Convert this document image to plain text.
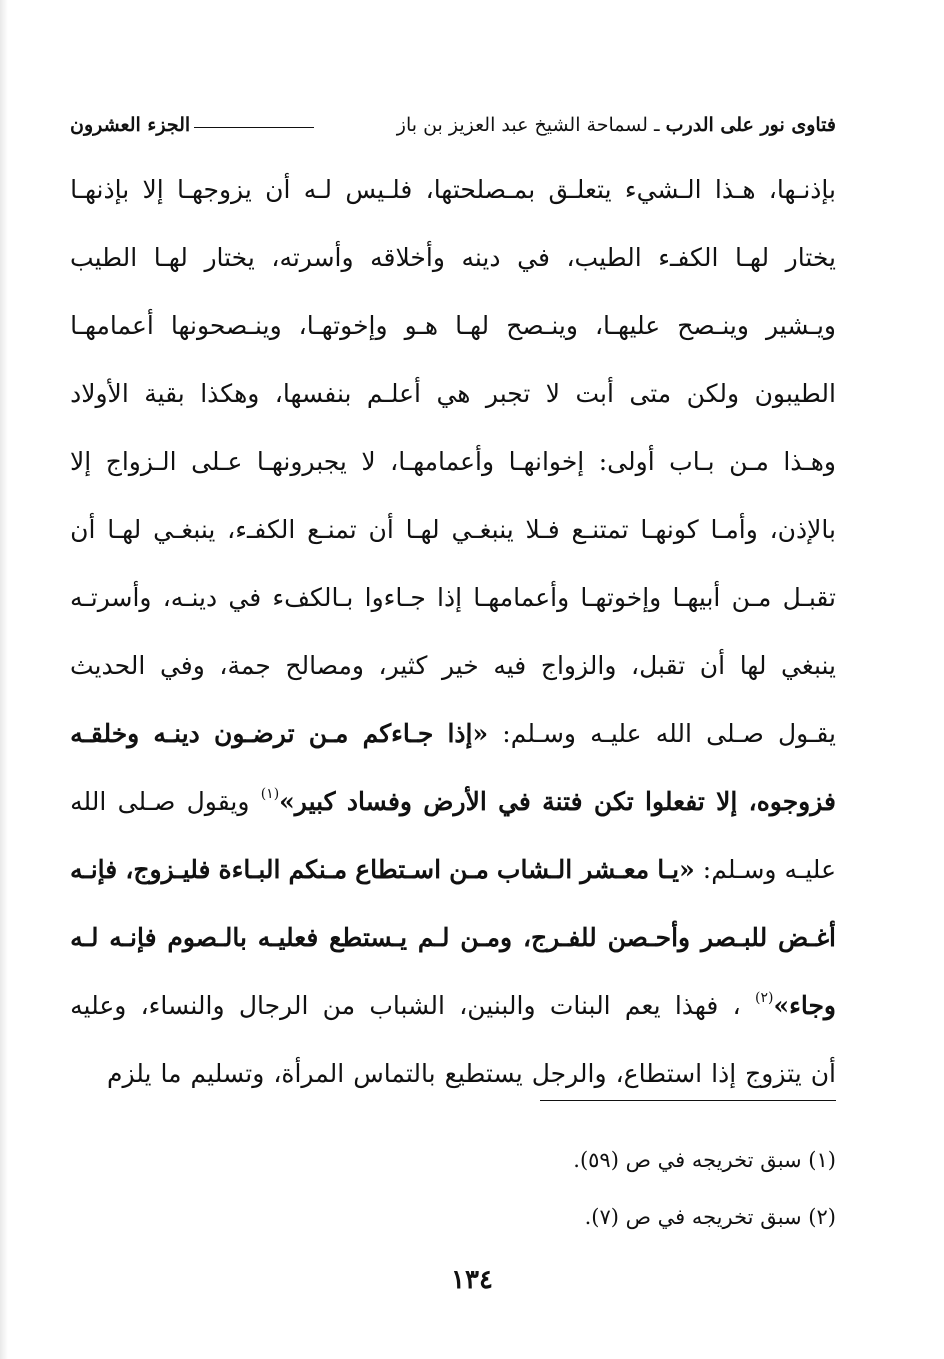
فتاوى نور على الدرب ـ لسماحة الشيخ عبد العزيز بن باز
الجزء العشرون
بإذنـها،
هـذا
الـشيء
يتعلـق
بمـصلحتها،
فلـيس
لـه
أن
يزوجهـا
إلا
بإذنهـا
يختار
لهـا
الكفـء
الطيب،
في
دينه
وأخلاقه
وأسرته،
يختار
لهـا
الطيب
ويـشير
وينـصح
عليهـا،
وينـصح
لهـا
هـو
وإخوتهـا،
وينـصحونها
أعمامهـا
الطيبون
ولكن
متى
أبت
لا
تجبر
هي
أعلـم
بنفسها،
وهكذا
بقية
الأولاد
وهـذا
مـن
بـاب
أولى:
إخوانهـا
وأعمامهـا،
لا
يجبرونهـا
عـلى
الـزواج
إلا
بالإذن،
وأمـا
كونهـا
تمتنـع
فـلا
ينبغـي
لهـا
أن
تمنـع
الكفـء،
ينبغـي
لهـا
أن
تقبـل
مـن
أبيهـا
وإخوتهـا
وأعمامهـا
إذا
جـاءوا
بـالكفء
في
دينـه،
وأسرتـه
ينبغي
لها
أن
تقبل،
والزواج
فيه
خير
كثير،
ومصالح
جمة،
وفي
الحديث
يقـول
صـلى
الله
عليـه
وسـلم:
«إذا
جـاءكم
مـن
ترضـون
دينـه
وخلقـه
فزوجوه،
إلا
تفعلوا
تكن
فتنة
في
الأرض
وفساد
كبير»$^{(١)}$
ويقول
صـلى
الله
عليـه
وسـلم:
«يـا
معـشر
الـشاب
مـن
اسـتطاع
مـنكم
البـاءة
فليـزوج،
فإنـه
أغـض
للبـصر
وأحـصن
للفـرج،
ومـن
لـم
يـستطع
فعليـه
بالـصوم
فإنـه
لـه
وجاء»$^{(٢)}$
،
فهذا
يعم
البنات
والبنين،
الشباب
من
الرجال
والنساء،
وعليه
أن
يتزوج
إذا
استطاع،
والرجل
يستطيع
بالتماس
المرأة،
وتسليم
ما
يلزم
(١) سبق تخريجه في ص (٥٩).
(٢) سبق تخريجه في ص (٧).
١٣٤
